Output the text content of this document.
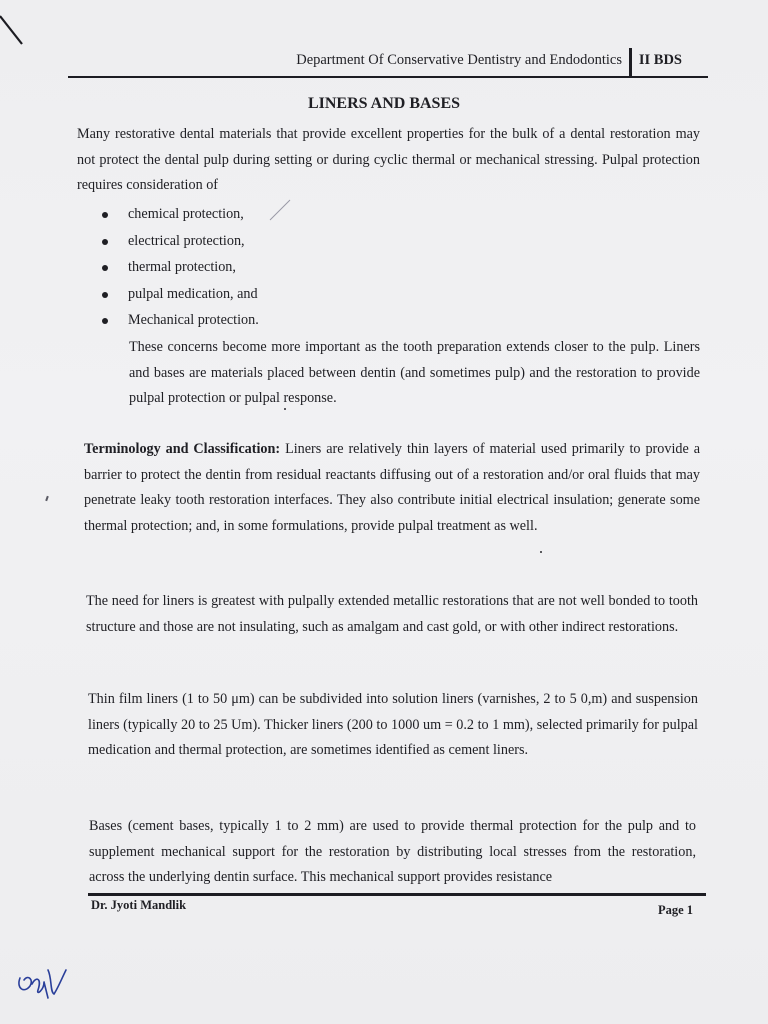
Department Of Conservative Dentistry and Endodontics II BDS
LINERS AND BASES

Many restorative dental materials that provide excellent properties for the bulk of a dental restoration may not protect the dental pulp during setting or during cyclic thermal or mechanical stressing. Pulpal protection requires consideration of

chemical protection,
electrical protection,
thermal protection,
pulpal medication, and
Mechanical protection.

These concerns become more important as the tooth preparation extends closer to the pulp. Liners and bases are materials placed between dentin (and sometimes pulp) and the restoration to provide pulpal protection or pulpal response.

Terminology and Classification: Liners are relatively thin layers of material used primarily to provide a barrier to protect the dentin from residual reactants diffusing out of a restoration and/or oral fluids that may penetrate leaky tooth restoration interfaces. They also contribute initial electrical insulation; generate some thermal protection; and, in some formulations, provide pulpal treatment as well.

The need for liners is greatest with pulpally extended metallic restorations that are not well bonded to tooth structure and those are not insulating, such as amalgam and cast gold, or with other indirect restorations.

Thin film liners (1 to 50 μm) can be subdivided into solution liners (varnishes, 2 to 5 0,m) and suspension liners (typically 20 to 25 Um). Thicker liners (200 to 1000 um = 0.2 to 1 mm), selected primarily for pulpal medication and thermal protection, are sometimes identified as cement liners.

Bases (cement bases, typically 1 to 2 mm) are used to provide thermal protection for the pulp and to supplement mechanical support for the restoration by distributing local stresses from the restoration, across the underlying dentin surface. This mechanical support provides resistance

Dr. Jyoti Mandlik	Page 1
